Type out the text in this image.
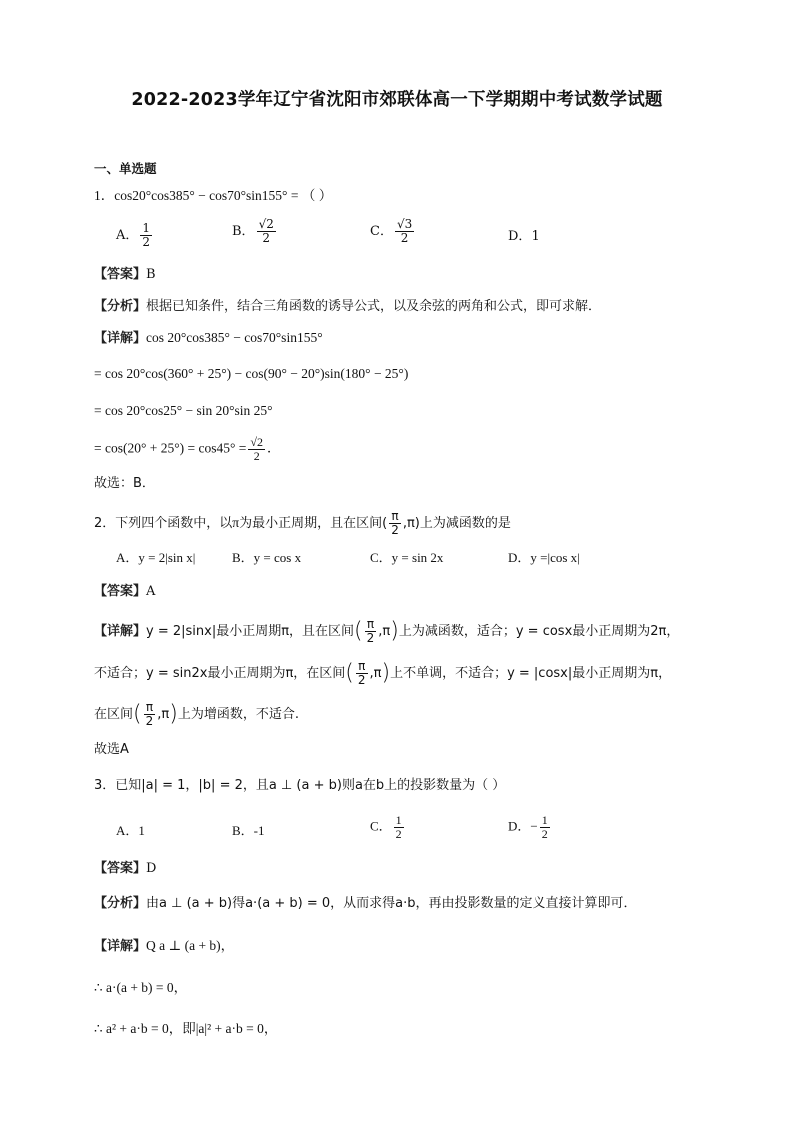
2022-2023学年辽宁省沈阳市郊联体高一下学期期中考试数学试题
一、单选题
1．cos20°cos385° − cos70°sin155° = （ ）
A． $\frac{1}{2}$	B． $\frac{√2}{2}$	C． $\frac{√3}{2}$	D．1
【答案】B
【分析】根据已知条件，结合三角函数的诱导公式，以及余弦的两角和公式，即可求解．
【详解】cos 20°cos385° − cos70°sin155°
= cos 20°cos(360° + 25°) − cos(90° − 20°)sin(180° − 25°)
= cos 20°cos25° − sin 20°sin 25°
= $\cos(20^\circ + 25^\circ) = \cos 45^\circ = \frac{√2}{2}$ ．
故选：B．
2．下列四个函数中，以π为最小正周期，且在区间( $\frac{\pi}{2} ,\pi$)上为减函数的是
A．y = 2|sin x|	B．y = cos x	C．y = sin 2x	D．y =|cos x|
【答案】A
【详解】y = 2|sinx|最小正周期π，且在区间( $\frac{\pi}{2} ,\pi$)上为减函数，适合；y = cosx最小正周期为2π，
不适合；y = sin2x最小正周期为π，在区间( $\frac{\pi}{2} ,\pi$)上不单调，不适合；y = |cosx|最小正周期为π，
在区间( $\frac{\pi}{2} ,\pi$)上为增函数，不适合.
故选A
3．已知|a| = 1，|b| = 2，且a ⊥ (a + b)则a在b上的投影数量为（ ）
A．1	B．-1	C． $\frac{1}{2}$	D．− $\frac{1}{2}$
【答案】D
【分析】由a ⊥ (a + b)得a·(a + b) = 0，从而求得a·b，再由投影数量的定义直接计算即可．
【详解】Q a ⊥ (a + b)，
∴ a·(a + b) = 0，
∴ a² + a·b = 0，即|a|² + a·b = 0，
